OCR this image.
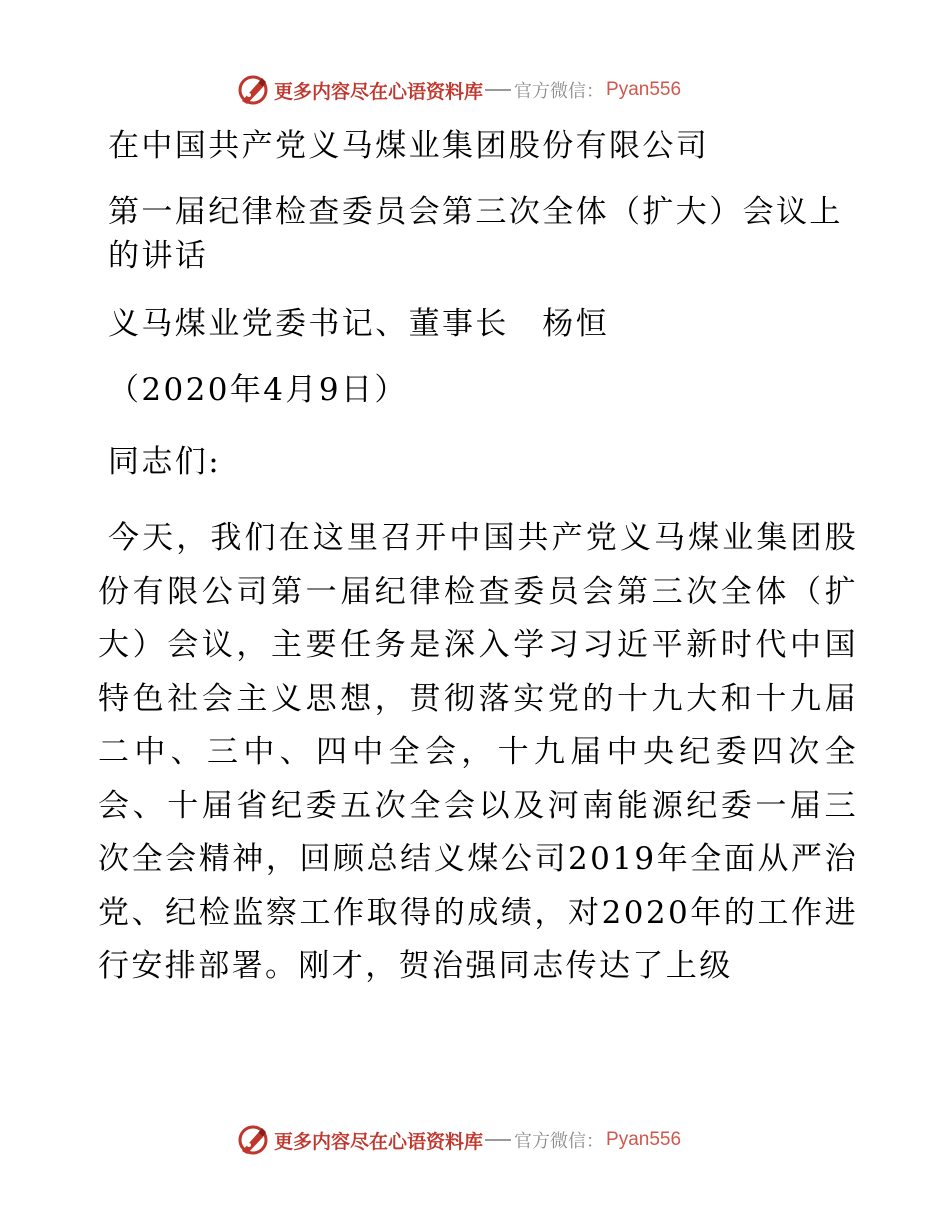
更多内容尽在心语资料库 官方微信： Pyan556

在中国共产党义马煤业集团股份有限公司

第一届纪律检查委员会第三次全体（扩大）会议上的讲话

义马煤业党委书记、董事长　杨恒

（2020年4月9日）

同志们:

今天，我们在这里召开中国共产党义马煤业集团股份有限公司第一届纪律检查委员会第三次全体（扩大）会议，主要任务是深入学习习近平新时代中国特色社会主义思想，贯彻落实党的十九大和十九届二中、三中、四中全会，十九届中央纪委四次全会、十届省纪委五次全会以及河南能源纪委一届三次全会精神，回顾总结义煤公司2019年全面从严治党、纪检监察工作取得的成绩，对2020年的工作进行安排部署。刚才，贺治强同志传达了上级

更多内容尽在心语资料库 官方微信： Pyan556
